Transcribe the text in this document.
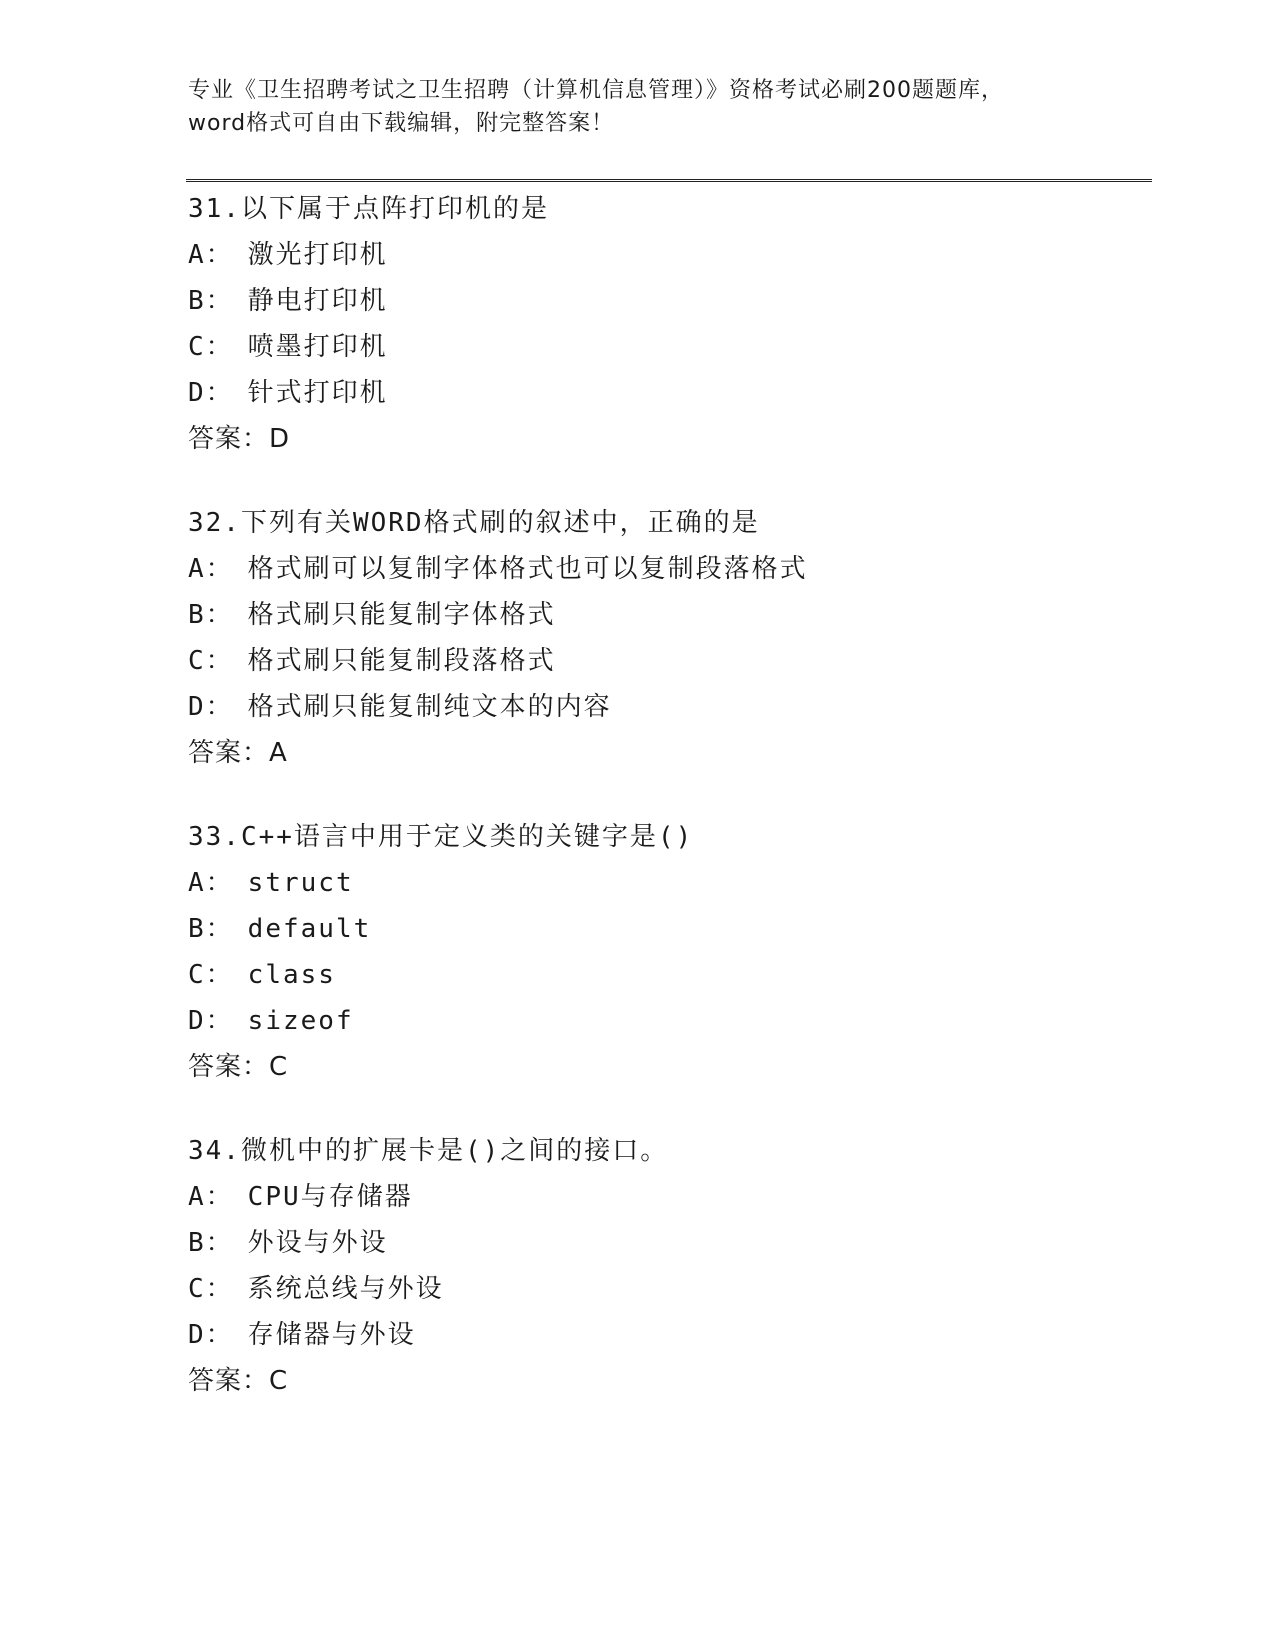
专业《卫生招聘考试之卫生招聘（计算机信息管理）》资格考试必刷200题题库，
word格式可自由下载编辑，附完整答案！
31.以下属于点阵打印机的是
A： 激光打印机
B： 静电打印机
C： 喷墨打印机
D： 针式打印机
答案：D
32.下列有关WORD格式刷的叙述中，正确的是
A： 格式刷可以复制字体格式也可以复制段落格式
B： 格式刷只能复制字体格式
C： 格式刷只能复制段落格式
D： 格式刷只能复制纯文本的内容
答案：A
33.C++语言中用于定义类的关键字是()
A： struct
B： default
C： class
D： sizeof
答案：C
34.微机中的扩展卡是()之间的接口。
A： CPU与存储器
B： 外设与外设
C： 系统总线与外设
D： 存储器与外设
答案：C
